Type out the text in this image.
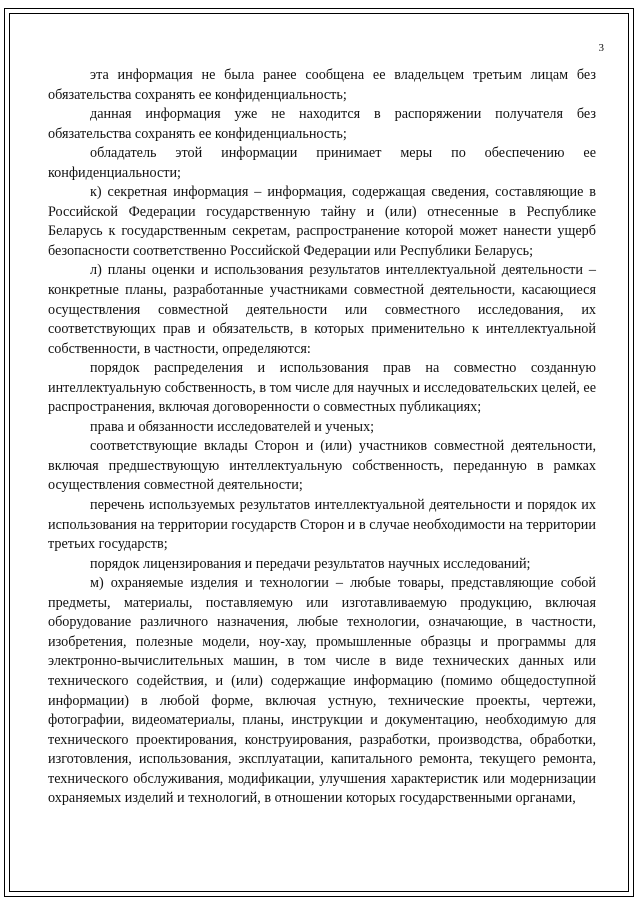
3

эта информация не была ранее сообщена ее владельцем третьим лицам без обязательства сохранять ее конфиденциальность;

данная информация уже не находится в распоряжении получателя без обязательства сохранять ее конфиденциальность;

обладатель этой информации принимает меры по обеспечению ее конфиденциальности;

к) секретная информация – информация, содержащая сведения, составляющие в Российской Федерации государственную тайну и (или) отнесенные в Республике Беларусь к государственным секретам, распространение которой может нанести ущерб безопасности соответственно Российской Федерации или Республики Беларусь;

л) планы оценки и использования результатов интеллектуальной деятельности – конкретные планы, разработанные участниками совместной деятельности, касающиеся осуществления совместной деятельности или совместного исследования, их соответствующих прав и обязательств, в которых применительно к интеллектуальной собственности, в частности, определяются:

порядок распределения и использования прав на совместно созданную интеллектуальную собственность, в том числе для научных и исследовательских целей, ее распространения, включая договоренности о совместных публикациях;

права и обязанности исследователей и ученых;

соответствующие вклады Сторон и (или) участников совместной деятельности, включая предшествующую интеллектуальную собственность, переданную в рамках осуществления совместной деятельности;

перечень используемых результатов интеллектуальной деятельности и порядок их использования на территории государств Сторон и в случае необходимости на территории третьих государств;

порядок лицензирования и передачи результатов научных исследований;

м) охраняемые изделия и технологии – любые товары, представляющие собой предметы, материалы, поставляемую или изготавливаемую продукцию, включая оборудование различного назначения, любые технологии, означающие, в частности, изобретения, полезные модели, ноу-хау, промышленные образцы и программы для электронно-вычислительных машин, в том числе в виде технических данных или технического содействия, и (или) содержащие информацию (помимо общедоступной информации) в любой форме, включая устную, технические проекты, чертежи, фотографии, видеоматериалы, планы, инструкции и документацию, необходимую для технического проектирования, конструирования, разработки, производства, обработки, изготовления, использования, эксплуатации, капитального ремонта, текущего ремонта, технического обслуживания, модификации, улучшения характеристик или модернизации охраняемых изделий и технологий, в отношении которых государственными органами,
